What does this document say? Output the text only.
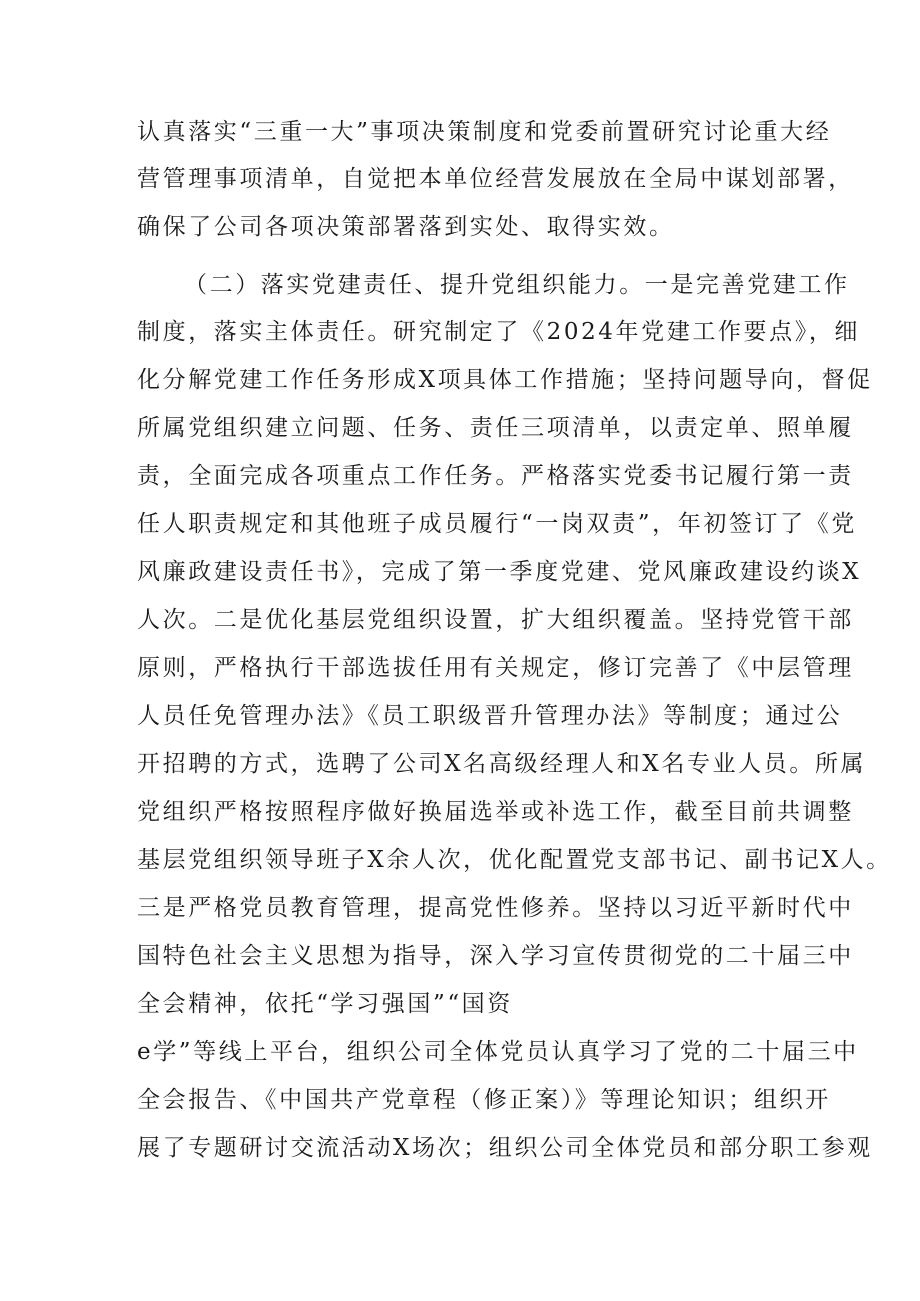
认真落实“三重一大”事项决策制度和党委前置研究讨论重大经
营管理事项清单，自觉把本单位经营发展放在全局中谋划部署，
确保了公司各项决策部署落到实处、取得实效。
（二）落实党建责任、提升党组织能力。一是完善党建工作
制度，落实主体责任。研究制定了《2024年党建工作要点》，细
化分解党建工作任务形成X项具体工作措施；坚持问题导向，督促
所属党组织建立问题、任务、责任三项清单，以责定单、照单履
责，全面完成各项重点工作任务。严格落实党委书记履行第一责
任人职责规定和其他班子成员履行“一岗双责”，年初签订了《党
风廉政建设责任书》，完成了第一季度党建、党风廉政建设约谈X
人次。二是优化基层党组织设置，扩大组织覆盖。坚持党管干部
原则，严格执行干部选拔任用有关规定，修订完善了《中层管理
人员任免管理办法》《员工职级晋升管理办法》等制度；通过公
开招聘的方式，选聘了公司X名高级经理人和X名专业人员。所属
党组织严格按照程序做好换届选举或补选工作，截至目前共调整
基层党组织领导班子X余人次，优化配置党支部书记、副书记X人。
三是严格党员教育管理，提高党性修养。坚持以习近平新时代中
国特色社会主义思想为指导，深入学习宣传贯彻党的二十届三中
全会精神，依托“学习强国”“国资
e学”等线上平台，组织公司全体党员认真学习了党的二十届三中
全会报告、《中国共产党章程（修正案）》等理论知识；组织开
展了专题研讨交流活动X场次；组织公司全体党员和部分职工参观
